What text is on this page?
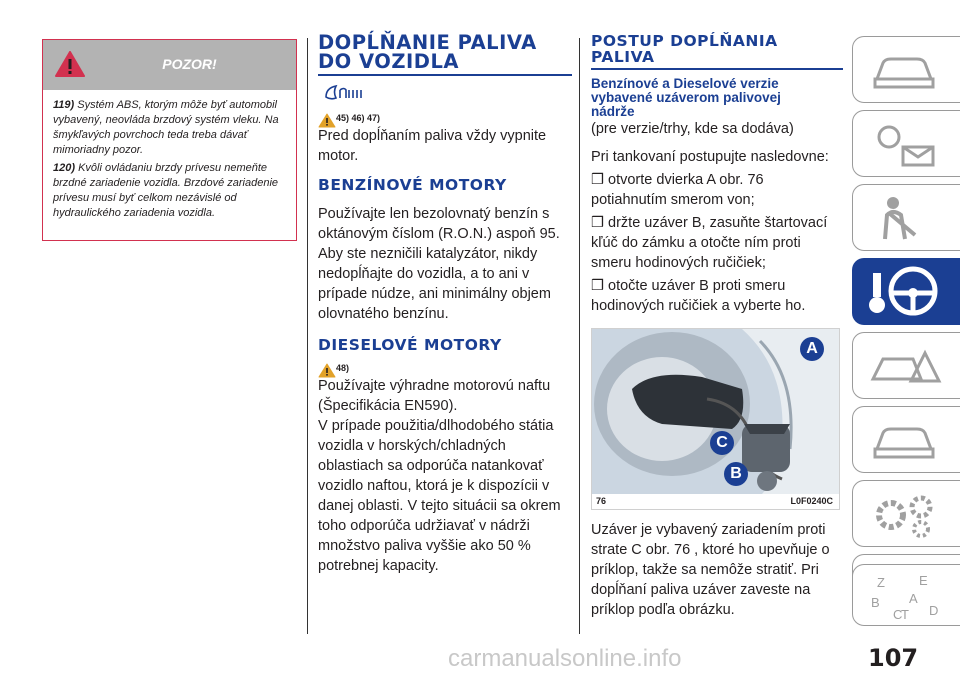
POZOR!

119) Systém ABS, ktorým môže byť automobil vybavený, neovláda brzdový systém vleku. Na šmykľavých povrchoch teda treba dávať mimoriadny pozor.

120) Kvôli ovládaniu brzdy prívesu nemeňte brzdné zariadenie vozidla. Brzdové zariadenie prívesu musí byť celkom nezávislé od hydraulického zariadenia vozidla.

DOPĹŇANIE PALIVA
DO VOZIDLA
45) 46) 47)

Pred dopĺňaním paliva vždy vypnite motor.

BENZÍNOVÉ MOTORY

Používajte len bezolovnatý benzín s oktánovým číslom (R.O.N.) aspoň 95. Aby ste nezničili katalyzátor, nikdy nedopĺňajte do vozidla, a to ani v prípade núdze, ani minimálny objem olovnatého benzínu.

DIESELOVÉ MOTORY
48)

Používajte výhradne motorovú naftu (Špecifikácia EN590).

V prípade použitia/dlhodobého státia vozidla v horských/chladných oblastiach sa odporúča natankovať vozidlo naftou, ktorá je k dispozícii v danej oblasti. V tejto situácii sa okrem toho odporúča udržiavať v nádrži množstvo paliva vyššie ako 50 % potrebnej kapacity.

POSTUP DOPĹŇANIA
PALIVA

Benzínové a Dieselové verzie
vybavené uzáverom palivovej
nádrže

(pre verzie/trhy, kde sa dodáva)

Pri tankovaní postupujte nasledovne:

❒ otvorte dvierka A obr. 76 potiahnutím smerom von;

❒ držte uzáver B, zasuňte štartovací kľúč do zámku a otočte ním proti smeru hodinových ručičiek;

❒ otočte uzáver B proti smeru hodinových ručičiek a vyberte ho.

A
C
B
76	L0F0240C

Uzáver je vybavený zariadením proti strate C obr. 76 , ktoré ho upevňuje o príklop, takže sa nemôže stratiť. Pri dopĺňaní paliva uzáver zaveste na príklop podľa obrázku.

Z	E
A
B
C D
T
107
carmanualsonline.info
